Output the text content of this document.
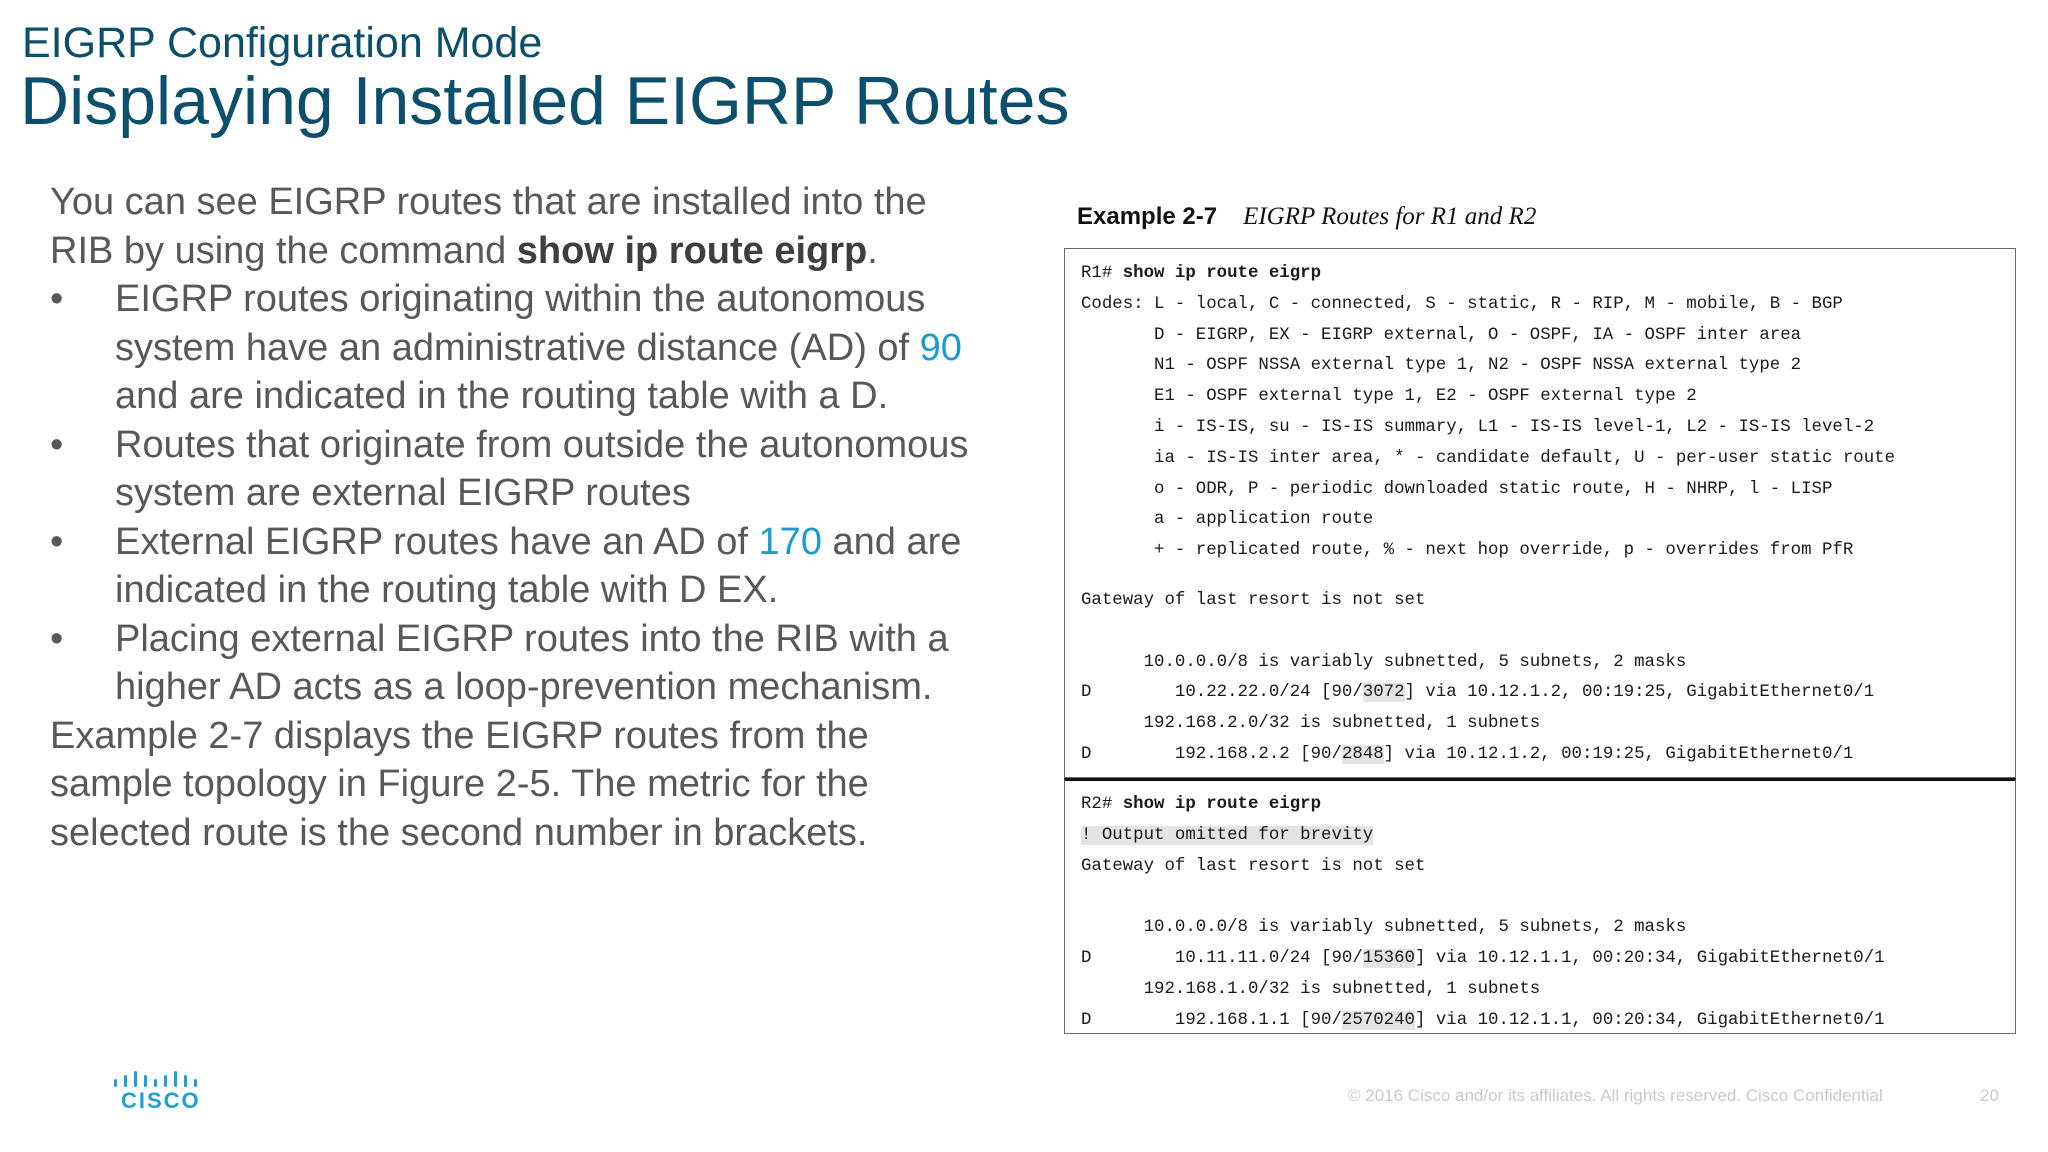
EIGRP Configuration Mode
Displaying Installed EIGRP Routes

You can see EIGRP routes that are installed into the RIB by using the command show ip route eigrp.

• EIGRP routes originating within the autonomous system have an administrative distance (AD) of 90 and are indicated in the routing table with a D.
• Routes that originate from outside the autonomous system are external EIGRP routes
• External EIGRP routes have an AD of 170 and are indicated in the routing table with D EX.
• Placing external EIGRP routes into the RIB with a higher AD acts as a loop-prevention mechanism.

Example 2-7 displays the EIGRP routes from the sample topology in Figure 2-5. The metric for the selected route is the second number in brackets.

Example 2-7 EIGRP Routes for R1 and R2
R1# show ip route eigrp
Codes: L - local, C - connected, S - static, R - RIP, M - mobile, B - BGP
D - EIGRP, EX - EIGRP external, O - OSPF, IA - OSPF inter area
N1 - OSPF NSSA external type 1, N2 - OSPF NSSA external type 2
E1 - OSPF external type 1, E2 - OSPF external type 2
i - IS-IS, su - IS-IS summary, L1 - IS-IS level-1, L2 - IS-IS level-2
ia - IS-IS inter area, * - candidate default, U - per-user static route
o - ODR, P - periodic downloaded static route, H - NHRP, l - LISP
a - application route
+ - replicated route, % - next hop override, p - overrides from PfR
Gateway of last resort is not set
10.0.0.0/8 is variably subnetted, 5 subnets, 2 masks
D        10.22.22.0/24 [90/3072] via 10.12.1.2, 00:19:25, GigabitEthernet0/1
192.168.2.0/32 is subnetted, 1 subnets
D        192.168.2.2 [90/2848] via 10.12.1.2, 00:19:25, GigabitEthernet0/1
R2# show ip route eigrp
! Output omitted for brevity
Gateway of last resort is not set
10.0.0.0/8 is variably subnetted, 5 subnets, 2 masks
D        10.11.11.0/24 [90/15360] via 10.12.1.1, 00:20:34, GigabitEthernet0/1
192.168.1.0/32 is subnetted, 1 subnets
D        192.168.1.1 [90/2570240] via 10.12.1.1, 00:20:34, GigabitEthernet0/1
CISCO	© 2016 Cisco and/or its affiliates. All rights reserved. Cisco Confidential	20
